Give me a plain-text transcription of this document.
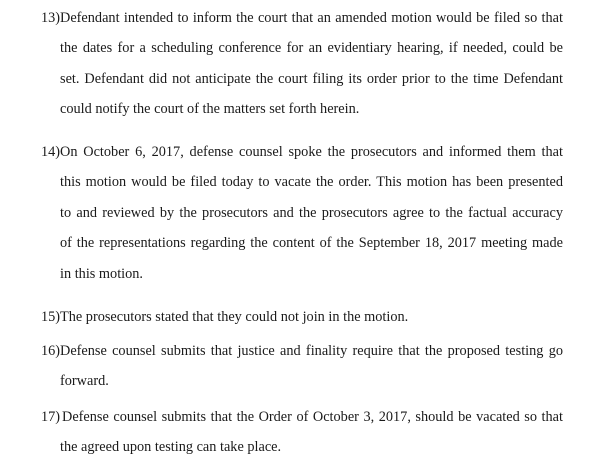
13) Defendant intended to inform the court that an amended motion would be filed so that
the dates for a scheduling conference for an evidentiary hearing, if needed, could be
set. Defendant did not anticipate the court filing its order prior to the time Defendant
could notify the court of the matters set forth herein.
14) On October 6, 2017, defense counsel spoke the prosecutors and informed them that
this motion would be filed today to vacate the order. This motion has been presented
to and reviewed by the prosecutors and the prosecutors agree to the factual accuracy
of the representations regarding the content of the September 18, 2017 meeting made
in this motion.
15) The prosecutors stated that they could not join in the motion.
16) Defense counsel submits that justice and finality require that the proposed testing go
forward.
17) Defense counsel submits that the Order of October 3, 2017, should be vacated so that
the agreed upon testing can take place.
